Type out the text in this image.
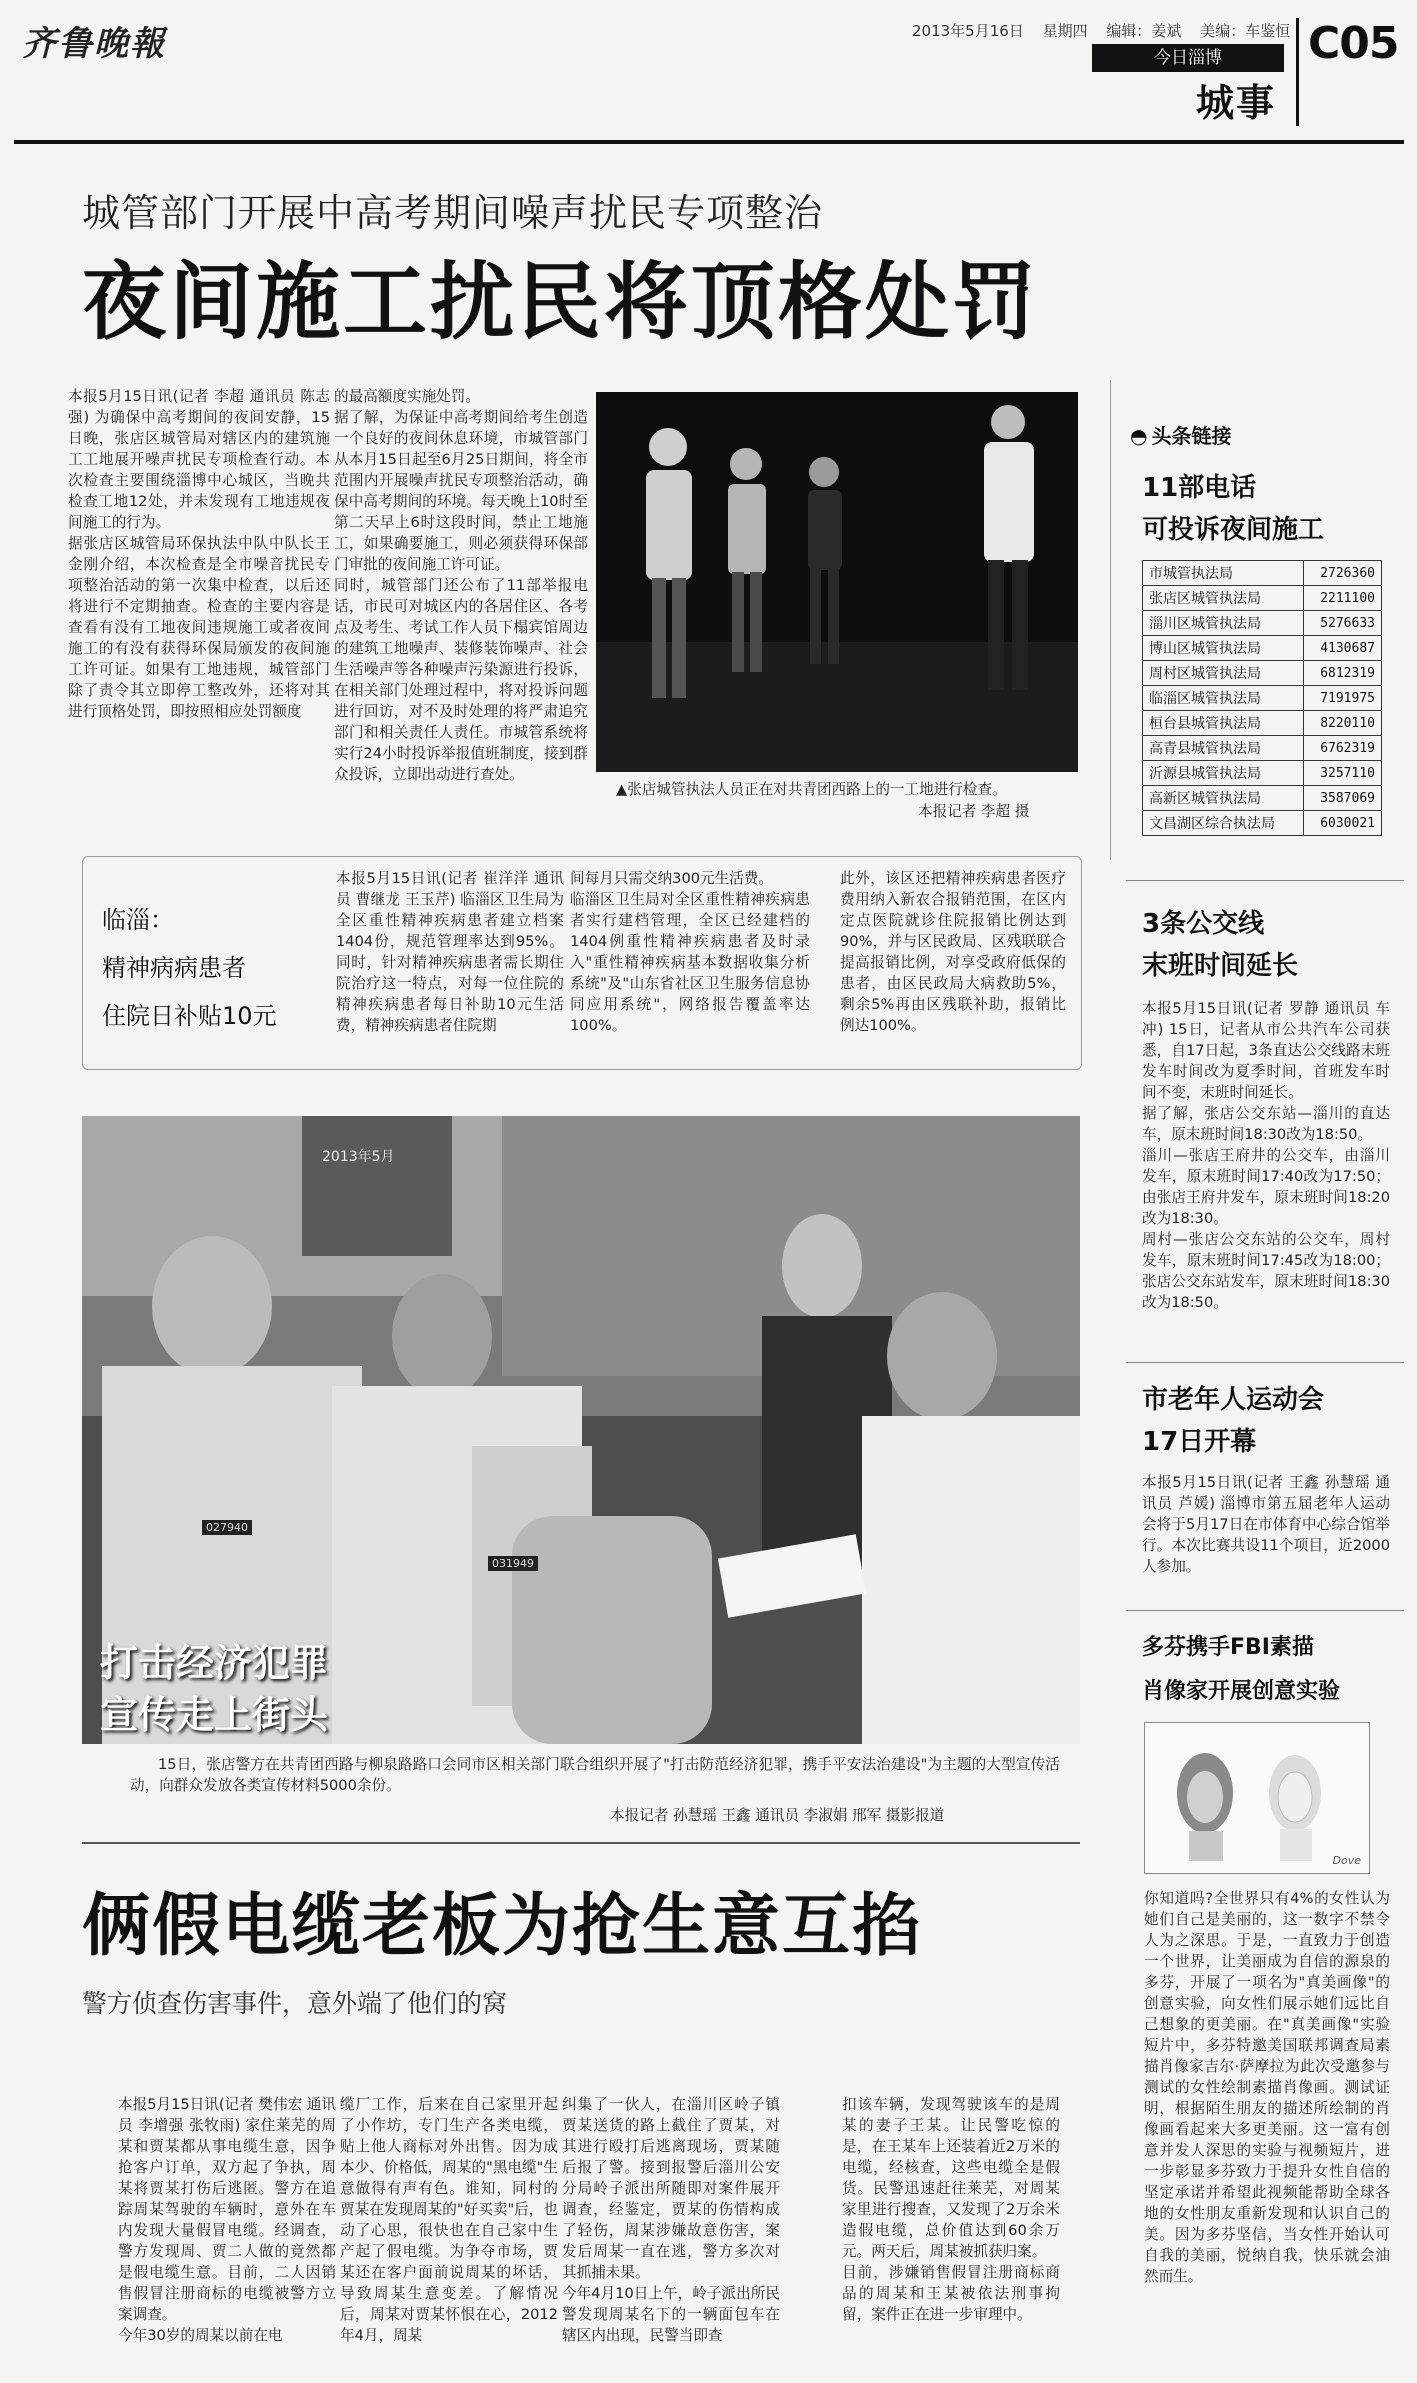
齐鲁晚報	2013年5月16日 星期四 编辑：姜斌 美编：车鉴恒
今日淄博
城事
C05
城管部门开展中高考期间噪声扰民专项整治
夜间施工扰民将顶格处罚
本报5月15日讯(记者 李超 通讯员 陈志强) 为确保中高考期间的夜间安静，15日晚，张店区城管局对辖区内的建筑施工工地展开噪声扰民专项检查行动。本次检查主要围绕淄博中心城区，当晚共检查工地12处，并未发现有工地违规夜间施工的行为。
据张店区城管局环保执法中队中队长王金刚介绍，本次检查是全市噪音扰民专项整治活动的第一次集中检查，以后还将进行不定期抽查。检查的主要内容是查看有没有工地夜间违规施工或者夜间施工的有没有获得环保局颁发的夜间施工许可证。如果有工地违规，城管部门除了责令其立即停工整改外，还将对其进行顶格处罚，即按照相应处罚额度
的最高额度实施处罚。
据了解，为保证中高考期间给考生创造一个良好的夜间休息环境，市城管部门从本月15日起至6月25日期间，将全市范围内开展噪声扰民专项整治活动，确保中高考期间的环境。每天晚上10时至第二天早上6时这段时间，禁止工地施工，如果确要施工，则必须获得环保部门审批的夜间施工许可证。
同时，城管部门还公布了11部举报电话，市民可对城区内的各居住区、各考点及考生、考试工作人员下榻宾馆周边的建筑工地噪声、装修装饰噪声、社会生活噪声等各种噪声污染源进行投诉，在相关部门处理过程中，将对投诉问题进行回访，对不及时处理的将严肃追究部门和相关责任人责任。市城管系统将实行24小时投诉举报值班制度，接到群众投诉，立即出动进行查处。
▲张店城管执法人员正在对共青团西路上的一工地进行检查。
本报记者 李超 摄
◓ 头条链接
11部电话
可投诉夜间施工
市城管执法局	2726360
张店区城管执法局	2211100
淄川区城管执法局	5276633
博山区城管执法局	4130687
周村区城管执法局	6812319
临淄区城管执法局	7191975
桓台县城管执法局	8220110
高青县城管执法局	6762319
沂源县城管执法局	3257110
高新区城管执法局	3587069
文昌湖区综合执法局	6030021
3条公交线
末班时间延长
本报5月15日讯(记者 罗静 通讯员 车冲) 15日，记者从市公共汽车公司获悉，自17日起，3条直达公交线路末班发车时间改为夏季时间，首班发车时间不变，末班时间延长。
据了解，张店公交东站—淄川的直达车，原末班时间18:30改为18:50。
淄川—张店王府井的公交车，由淄川发车，原末班时间17:40改为17:50；由张店王府井发车，原末班时间18:20改为18:30。
周村—张店公交东站的公交车，周村发车，原末班时间17:45改为18:00；张店公交东站发车，原末班时间18:30改为18:50。
市老年人运动会
17日开幕
本报5月15日讯(记者 王鑫 孙慧瑶 通讯员 芦媛) 淄博市第五届老年人运动会将于5月17日在市体育中心综合馆举行。本次比赛共设11个项目，近2000人参加。
多芬携手FBI素描
肖像家开展创意实验
Dove
你知道吗?全世界只有4%的女性认为她们自己是美丽的，这一数字不禁令人为之深思。于是，一直致力于创造一个世界，让美丽成为自信的源泉的多芬，开展了一项名为"真美画像"的创意实验，向女性们展示她们远比自己想象的更美丽。在"真美画像"实验短片中，多芬特邀美国联邦调查局素描肖像家吉尔·萨摩拉为此次受邀参与测试的女性绘制素描肖像画。测试证明，根据陌生朋友的描述所绘制的肖像画看起来大多更美丽。这一富有创意并发人深思的实验与视频短片，进一步彰显多芬致力于提升女性自信的坚定承诺并希望此视频能帮助全球各地的女性朋友重新发现和认识自己的美。因为多芬坚信，当女性开始认可自我的美丽，悦纳自我，快乐就会油然而生。
临淄：
精神病病患者
住院日补贴10元
本报5月15日讯(记者 崔洋洋 通讯员 曹继龙 王玉芹) 临淄区卫生局为全区重性精神疾病患者建立档案1404份，规范管理率达到95%。同时，针对精神疾病患者需长期住院治疗这一特点，对每一位住院的精神疾病患者每日补助10元生活费，精神疾病患者住院期
间每月只需交纳300元生活费。
临淄区卫生局对全区重性精神疾病患者实行建档管理，全区已经建档的1404例重性精神疾病患者及时录入"重性精神疾病基本数据收集分析系统"及"山东省社区卫生服务信息协同应用系统"，网络报告覆盖率达100%。
此外，该区还把精神疾病患者医疗费用纳入新农合报销范围，在区内定点医院就诊住院报销比例达到90%，并与区民政局、区残联联合提高报销比例，对享受政府低保的患者，由区民政局大病救助5%，剩余5%再由区残联补助，报销比例达100%。
027940
031949
2013年5月
打击经济犯罪
宣传走上街头
15日，张店警方在共青团西路与柳泉路路口会同市区相关部门联合组织开展了"打击防范经济犯罪，携手平安法治建设"为主题的大型宣传活动，向群众发放各类宣传材料5000余份。
本报记者 孙慧瑶 王鑫 通讯员 李淑娟 邢军 摄影报道
俩假电缆老板为抢生意互掐
警方侦查伤害事件，意外端了他们的窝
本报5月15日讯(记者 樊伟宏 通讯员 李增强 张牧雨) 家住莱芜的周某和贾某都从事电缆生意，因争抢客户订单，双方起了争执，周某将贾某打伤后逃匿。警方在追踪周某驾驶的车辆时，意外在车内发现大量假冒电缆。经调查，警方发现周、贾二人做的竟然都是假电缆生意。目前，二人因销售假冒注册商标的电缆被警方立案调查。
今年30岁的周某以前在电
缆厂工作，后来在自己家里开起了小作坊，专门生产各类电缆，贴上他人商标对外出售。因为成本少、价格低，周某的"黑电缆"生意做得有声有色。谁知，同村的贾某在发现周某的"好买卖"后，也动了心思，很快也在自己家中生产起了假电缆。为争夺市场，贾某还在客户面前说周某的坏话，导致周某生意变差。了解情况后，周某对贾某怀恨在心，2012年4月，周某
纠集了一伙人，在淄川区岭子镇贾某送货的路上截住了贾某，对其进行殴打后逃离现场，贾某随后报了警。接到报警后淄川公安分局岭子派出所随即对案件展开调查，经鉴定，贾某的伤情构成了轻伤，周某涉嫌故意伤害，案发后周某一直在逃，警方多次对其抓捕未果。
今年4月10日上午，岭子派出所民警发现周某名下的一辆面包车在辖区内出现，民警当即查
扣该车辆，发现驾驶该车的是周某的妻子王某。让民警吃惊的是，在王某车上还装着近2万米的电缆，经核查，这些电缆全是假货。民警迅速赶往莱芜，对周某家里进行搜查，又发现了2万余米造假电缆，总价值达到60余万元。两天后，周某被抓获归案。
目前，涉嫌销售假冒注册商标商品的周某和王某被依法刑事拘留，案件正在进一步审理中。
